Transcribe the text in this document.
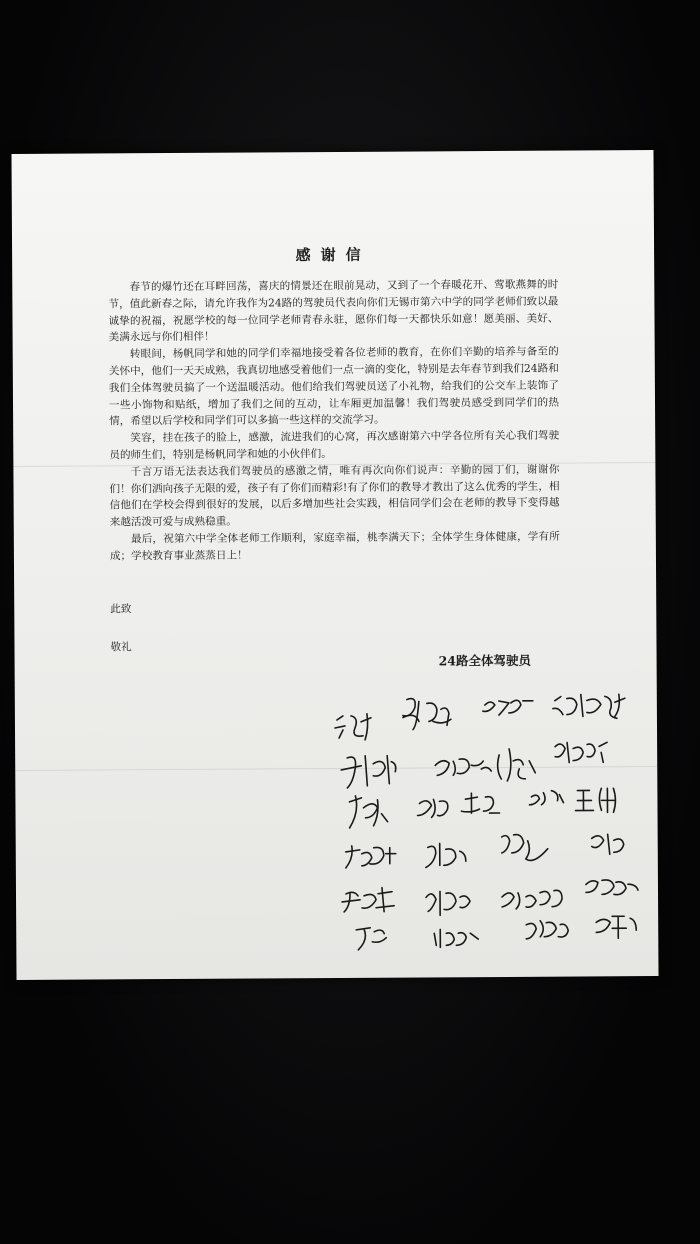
感谢信

春节的爆竹还在耳畔回荡，喜庆的情景还在眼前晃动，又到了一个春暖花开、莺歌燕舞的时节，值此新春之际，请允许我作为24路的驾驶员代表向你们无锡市第六中学的同学老师们致以最诚挚的祝福，祝愿学校的每一位同学老师青春永驻，愿你们每一天都快乐如意！愿美丽、美好、美满永远与你们相伴！

转眼间，杨帆同学和她的同学们幸福地接受着各位老师的教育，在你们辛勤的培养与备至的关怀中，他们一天天成熟，我真切地感受着他们一点一滴的变化，特别是去年春节到我们24路和我们全体驾驶员搞了一个送温暖活动。他们给我们驾驶员送了小礼物，给我们的公交车上装饰了一些小饰物和贴纸，增加了我们之间的互动，让车厢更加温馨！我们驾驶员感受到同学们的热情，希望以后学校和同学们可以多搞一些这样的交流学习。

笑容，挂在孩子的脸上，感激，流进我们的心窝，再次感谢第六中学各位所有关心我们驾驶员的师生们，特别是杨帆同学和她的小伙伴们。

千言万语无法表达我们驾驶员的感激之情，唯有再次向你们说声：辛勤的园丁们，谢谢你们！你们洒向孩子无限的爱，孩子有了你们而精彩!有了你们的教导才教出了这么优秀的学生，相信他们在学校会得到很好的发展，以后多增加些社会实践，相信同学们会在老师的教导下变得越来越活泼可爱与成熟稳重。

最后，祝第六中学全体老师工作顺利，家庭幸福，桃李满天下；全体学生身体健康，学有所成；学校教育事业蒸蒸日上！

此致
敬礼
24路全体驾驶员
